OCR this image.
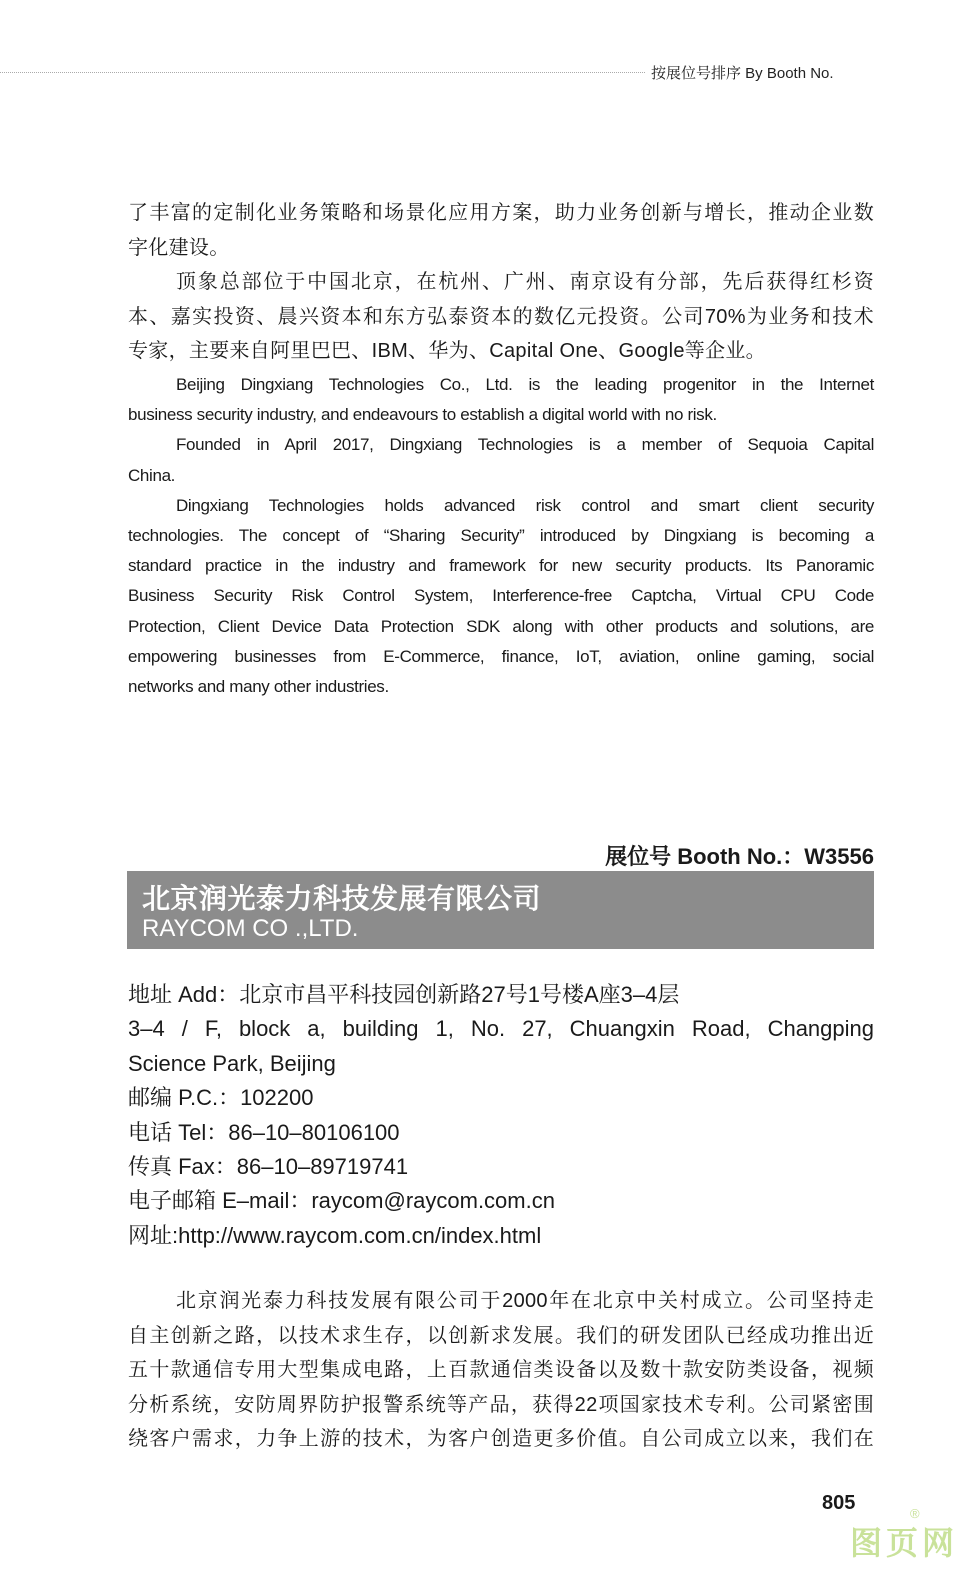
按展位号排序 By Booth No.
了丰富的定制化业务策略和场景化应用方案，助力业务创新与增长，推动企业数
字化建设。
顶象总部位于中国北京，在杭州、广州、南京设有分部，先后获得红杉资
本、嘉实投资、晨兴资本和东方弘泰资本的数亿元投资。公司70%为业务和技术
专家，主要来自阿里巴巴、IBM、华为、Capital One、Google等企业。
Beijing Dingxiang Technologies Co., Ltd. is the leading progenitor in the Internet
business security industry, and endeavours to establish a digital world with no risk.
Founded in April 2017, Dingxiang Technologies is a member of Sequoia Capital
China.
Dingxiang Technologies holds advanced risk control and smart client security
technologies. The concept of “Sharing Security” introduced by Dingxiang is becoming a
standard practice in the industry and framework for new security products. Its Panoramic
Business Security Risk Control System, Interference-free Captcha, Virtual CPU Code
Protection, Client Device Data Protection SDK along with other products and solutions, are
empowering businesses from E-Commerce, finance, IoT, aviation, online gaming, social
networks and many other industries.
展位号 Booth No.：W3556
北京润光泰力科技发展有限公司
RAYCOM CO .,LTD.
地址 Add：北京市昌平科技园创新路27号1号楼A座3–4层
3–4 / F, block a, building 1, No. 27, Chuangxin Road, Changping
Science Park, Beijing
邮编 P.C.：102200
电话 Tel：86–10–80106100
传真 Fax：86–10–89719741
电子邮箱 E–mail：raycom@raycom.com.cn
网址:http://www.raycom.com.cn/index.html
北京润光泰力科技发展有限公司于2000年在北京中关村成立。公司坚持走
自主创新之路，以技术求生存，以创新求发展。我们的研发团队已经成功推出近
五十款通信专用大型集成电路，上百款通信类设备以及数十款安防类设备，视频
分析系统，安防周界防护报警系统等产品，获得22项国家技术专利。公司紧密围
绕客户需求，力争上游的技术，为客户创造更多价值。自公司成立以来，我们在
805
图页网
®
